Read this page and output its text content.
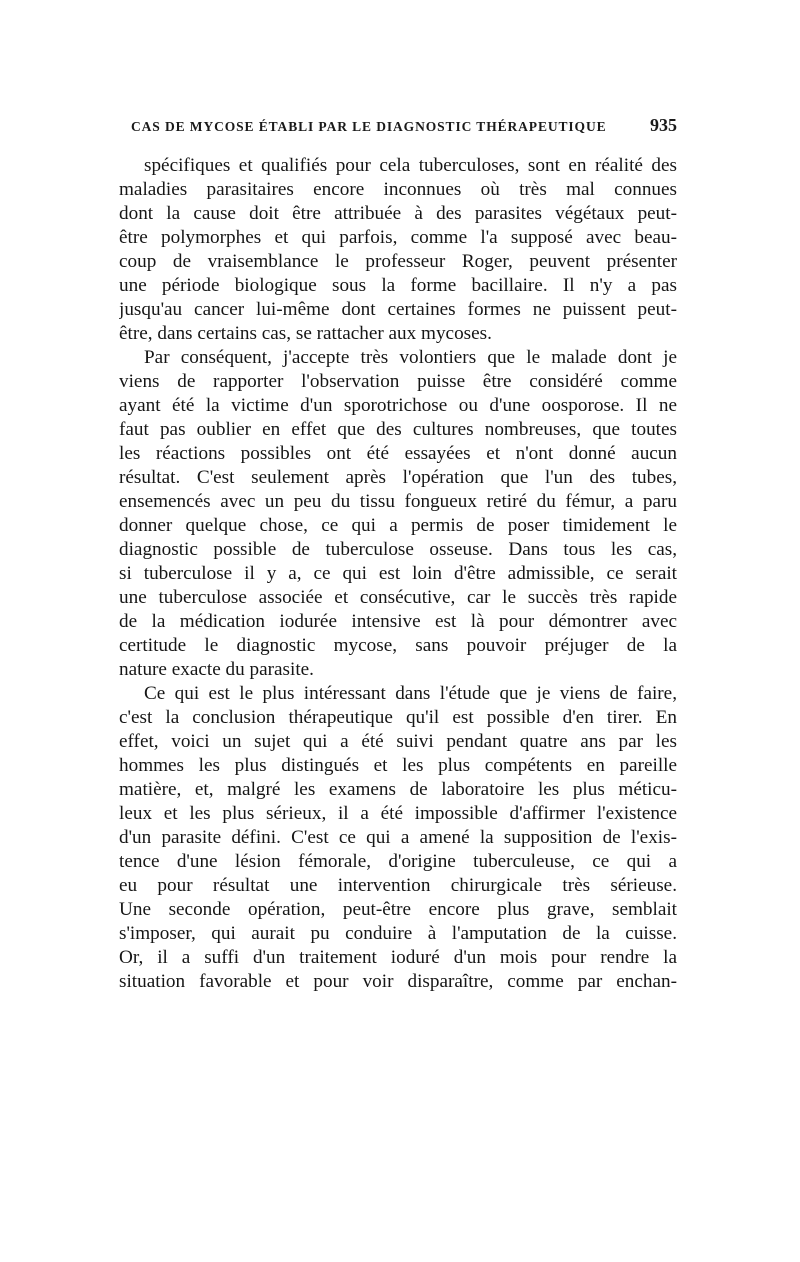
CAS DE MYCOSE ÉTABLI PAR LE DIAGNOSTIC THÉRAPEUTIQUE 935
spécifiques et qualifiés pour cela tuberculoses, sont en réalité des
maladies parasitaires encore inconnues où très mal connues
dont la cause doit être attribuée à des parasites végétaux peut-
être polymorphes et qui parfois, comme l'a supposé avec beau-
coup de vraisemblance le professeur Roger, peuvent présenter
une période biologique sous la forme bacillaire. Il n'y a pas
jusqu'au cancer lui-même dont certaines formes ne puissent peut-
être, dans certains cas, se rattacher aux mycoses.
Par conséquent, j'accepte très volontiers que le malade dont je
viens de rapporter l'observation puisse être considéré comme
ayant été la victime d'un sporotrichose ou d'une oosporose. Il ne
faut pas oublier en effet que des cultures nombreuses, que toutes
les réactions possibles ont été essayées et n'ont donné aucun
résultat. C'est seulement après l'opération que l'un des tubes,
ensemencés avec un peu du tissu fongueux retiré du fémur, a paru
donner quelque chose, ce qui a permis de poser timidement le
diagnostic possible de tuberculose osseuse. Dans tous les cas,
si tuberculose il y a, ce qui est loin d'être admissible, ce serait
une tuberculose associée et consécutive, car le succès très rapide
de la médication iodurée intensive est là pour démontrer avec
certitude le diagnostic mycose, sans pouvoir préjuger de la
nature exacte du parasite.
Ce qui est le plus intéressant dans l'étude que je viens de faire,
c'est la conclusion thérapeutique qu'il est possible d'en tirer. En
effet, voici un sujet qui a été suivi pendant quatre ans par les
hommes les plus distingués et les plus compétents en pareille
matière, et, malgré les examens de laboratoire les plus méticu-
leux et les plus sérieux, il a été impossible d'affirmer l'existence
d'un parasite défini. C'est ce qui a amené la supposition de l'exis-
tence d'une lésion fémorale, d'origine tuberculeuse, ce qui a
eu pour résultat une intervention chirurgicale très sérieuse.
Une seconde opération, peut-être encore plus grave, semblait
s'imposer, qui aurait pu conduire à l'amputation de la cuisse.
Or, il a suffi d'un traitement ioduré d'un mois pour rendre la
situation favorable et pour voir disparaître, comme par enchan-
